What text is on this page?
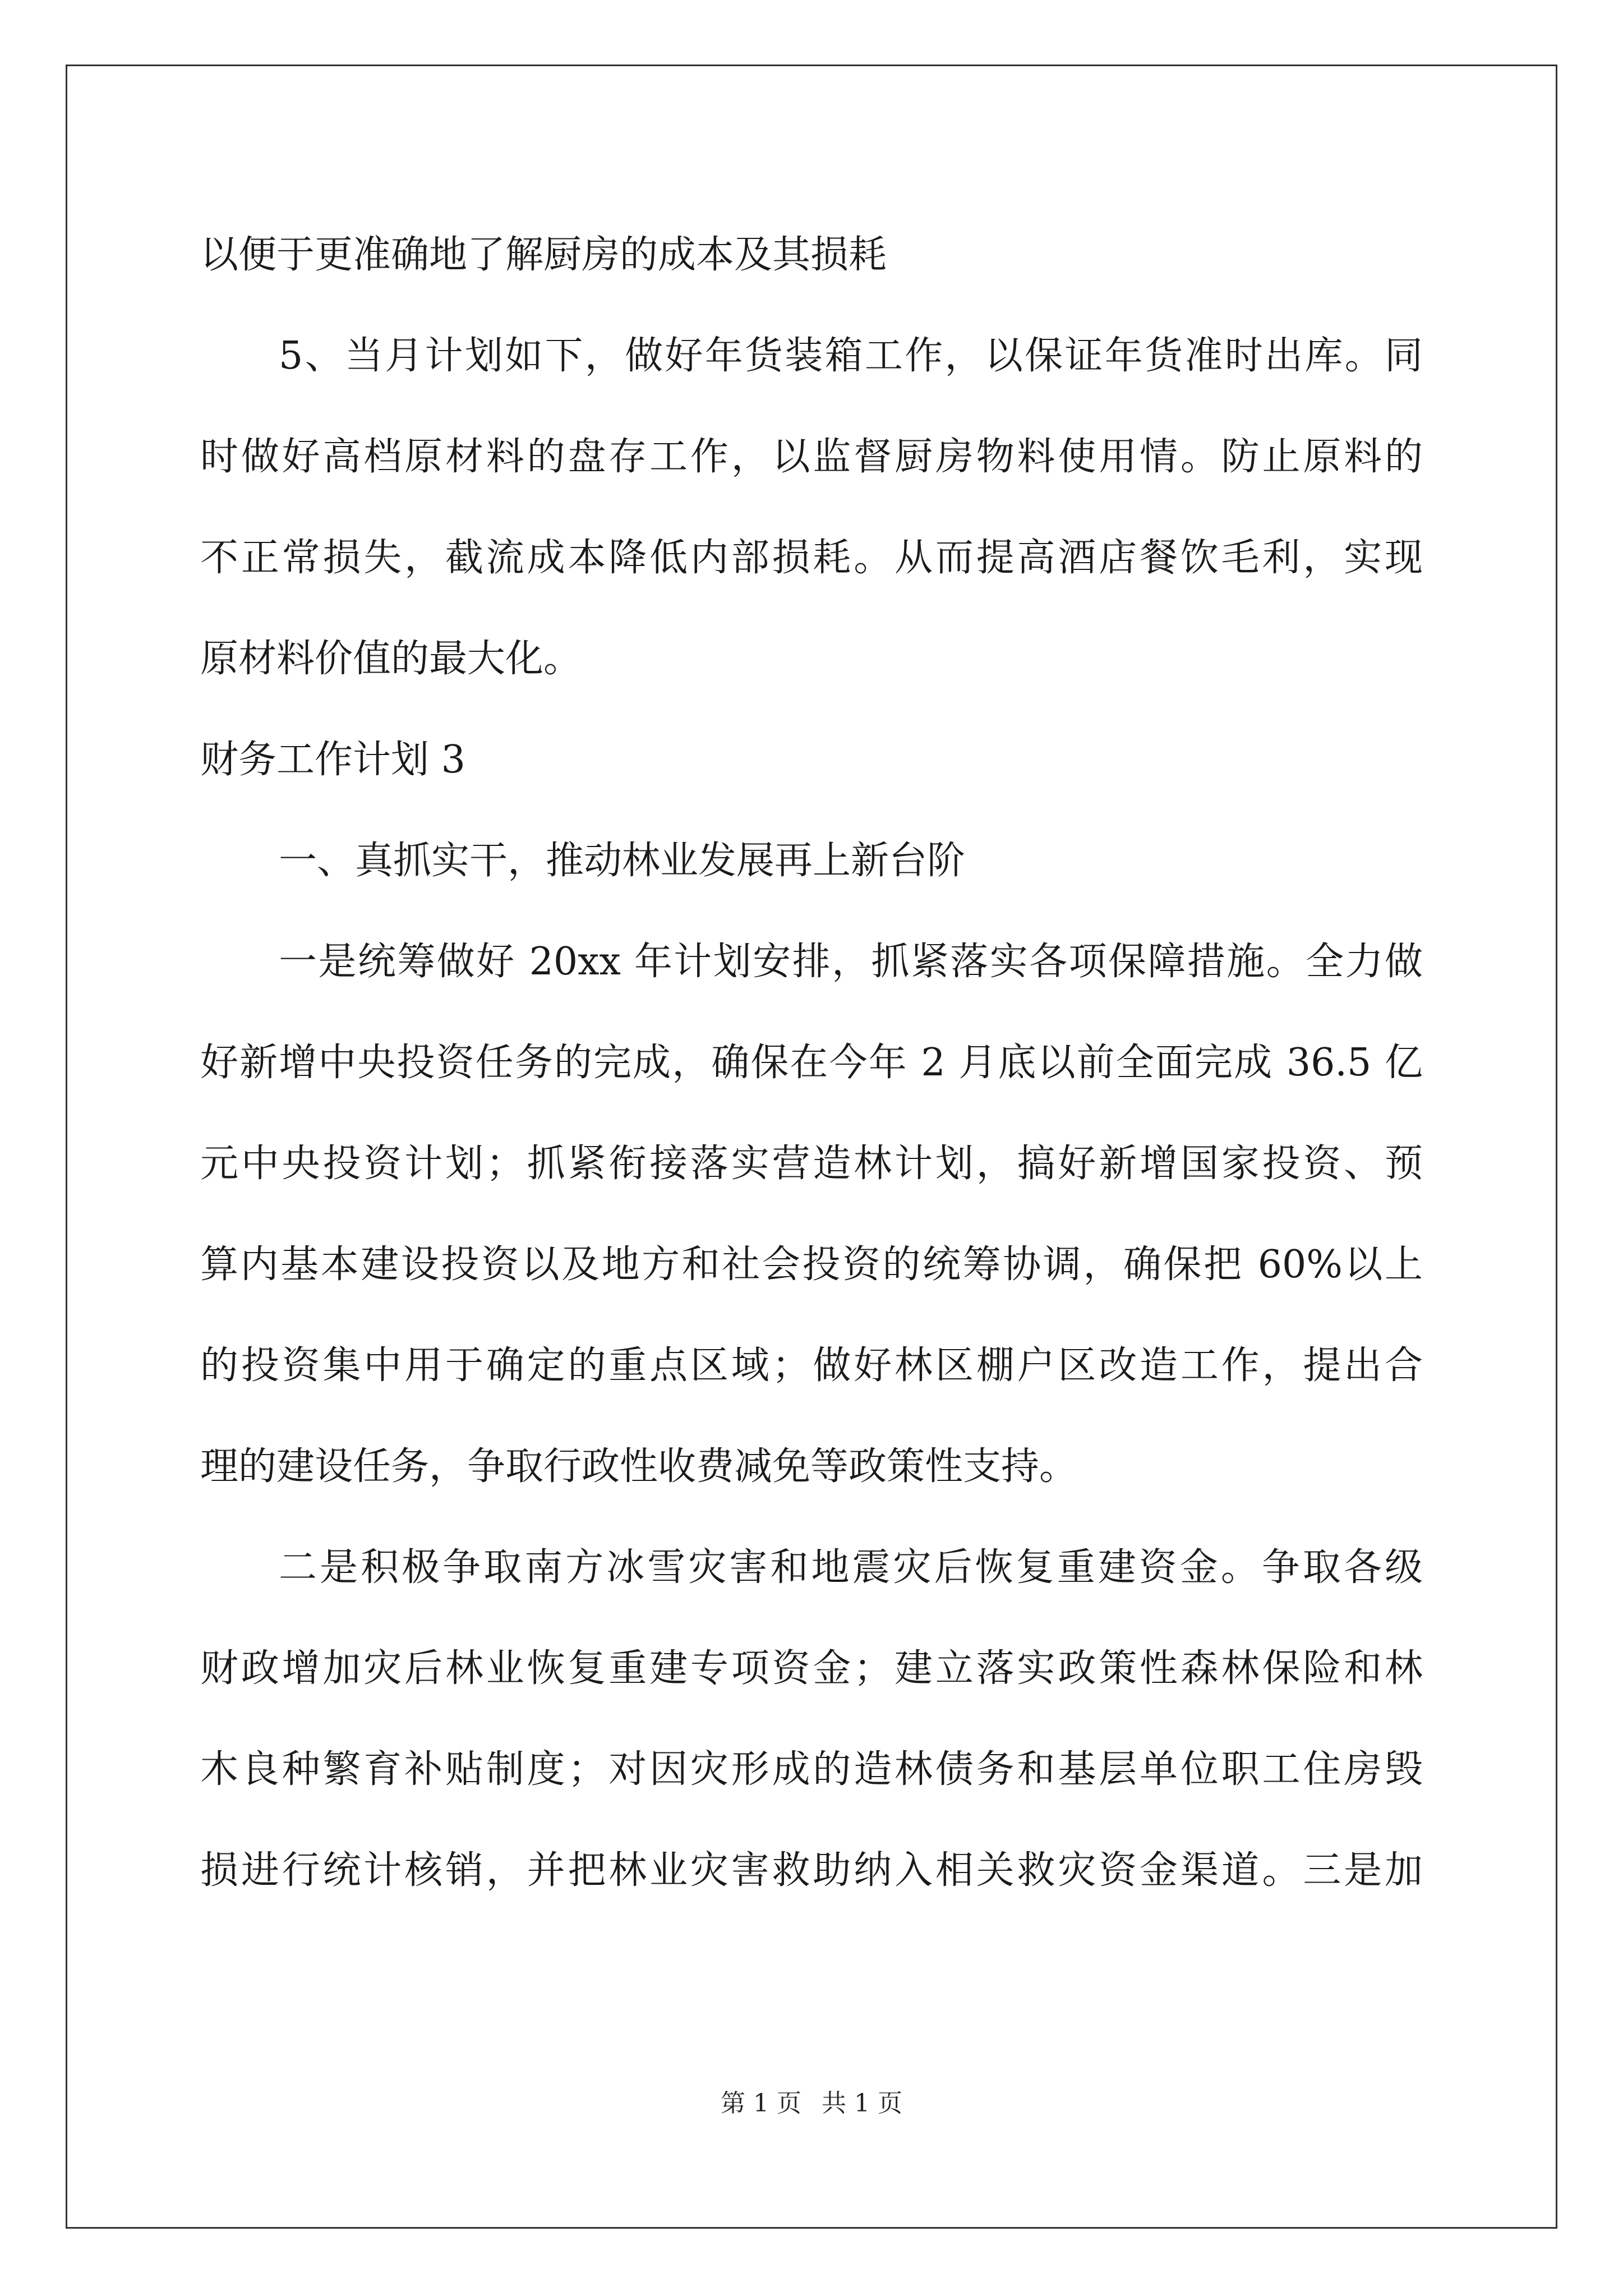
以便于更准确地了解厨房的成本及其损耗
5、当月计划如下，做好年货装箱工作，以保证年货准时出库。同
时做好高档原材料的盘存工作，以监督厨房物料使用情。防止原料的
不正常损失，截流成本降低内部损耗。从而提高酒店餐饮毛利，实现
原材料价值的最大化。
财务工作计划 3
一、真抓实干，推动林业发展再上新台阶
一是统筹做好 20xx 年计划安排，抓紧落实各项保障措施。全力做
好新增中央投资任务的完成，确保在今年 2 月底以前全面完成 36.5 亿
元中央投资计划；抓紧衔接落实营造林计划，搞好新增国家投资、预
算内基本建设投资以及地方和社会投资的统筹协调，确保把 60%以上
的投资集中用于确定的重点区域；做好林区棚户区改造工作，提出合
理的建设任务，争取行政性收费减免等政策性支持。
二是积极争取南方冰雪灾害和地震灾后恢复重建资金。争取各级
财政增加灾后林业恢复重建专项资金；建立落实政策性森林保险和林
木良种繁育补贴制度；对因灾形成的造林债务和基层单位职工住房毁
损进行统计核销，并把林业灾害救助纳入相关救灾资金渠道。三是加
第 1 页 共 1 页
